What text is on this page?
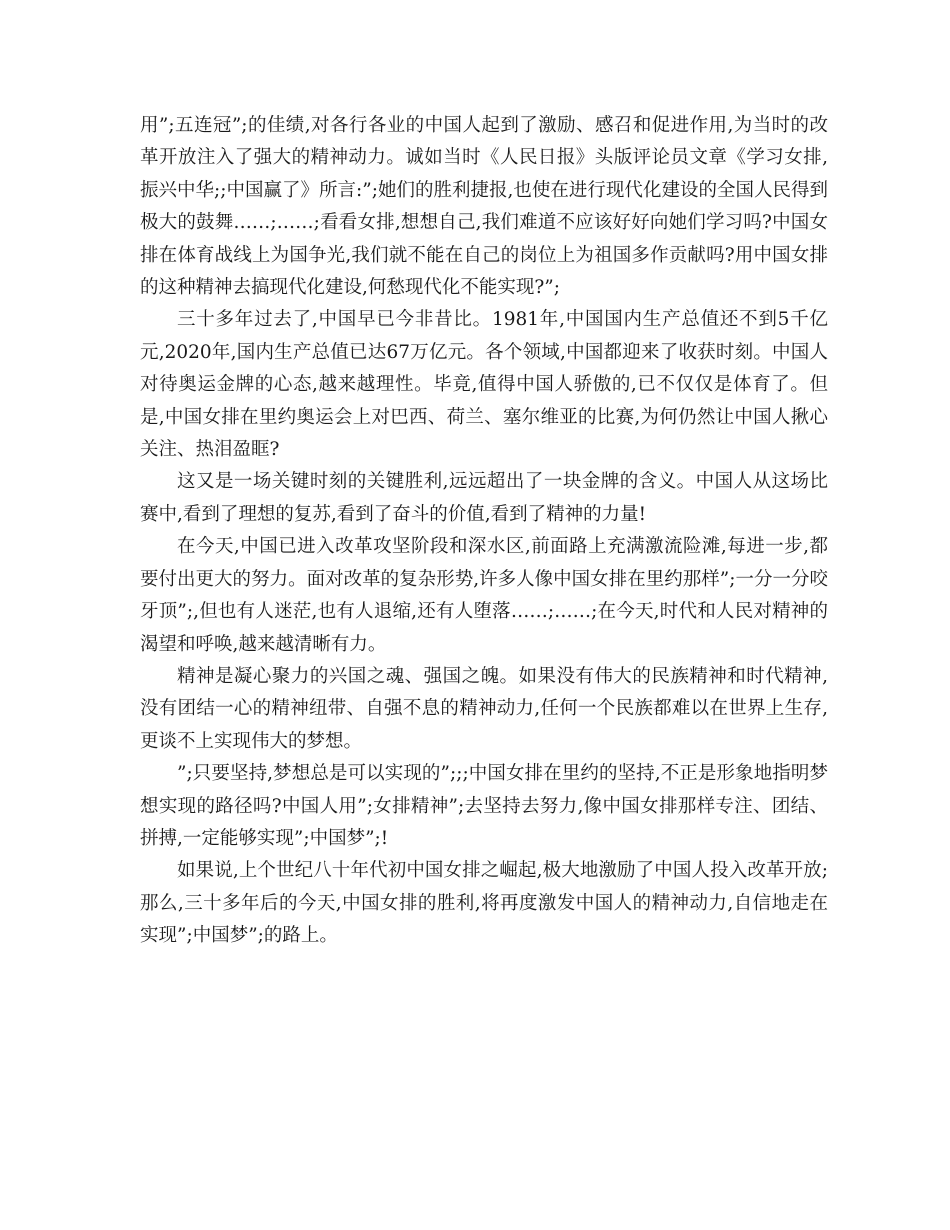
用”;五连冠”;的佳绩,对各行各业的中国人起到了激励、感召和促进作用,为当时的改革开放注入了强大的精神动力。诚如当时《人民日报》头版评论员文章《学习女排,振兴中华;;中国赢了》所言:”;她们的胜利捷报,也使在进行现代化建设的全国人民得到极大的鼓舞……;……;看看女排,想想自己,我们难道不应该好好向她们学习吗?中国女排在体育战线上为国争光,我们就不能在自己的岗位上为祖国多作贡献吗?用中国女排的这种精神去搞现代化建设,何愁现代化不能实现?”;

三十多年过去了,中国早已今非昔比。1981年,中国国内生产总值还不到5千亿元,2020年,国内生产总值已达67万亿元。各个领域,中国都迎来了收获时刻。中国人对待奥运金牌的心态,越来越理性。毕竟,值得中国人骄傲的,已不仅仅是体育了。但是,中国女排在里约奥运会上对巴西、荷兰、塞尔维亚的比赛,为何仍然让中国人揪心关注、热泪盈眶?

这又是一场关键时刻的关键胜利,远远超出了一块金牌的含义。中国人从这场比赛中,看到了理想的复苏,看到了奋斗的价值,看到了精神的力量!

在今天,中国已进入改革攻坚阶段和深水区,前面路上充满激流险滩,每进一步,都要付出更大的努力。面对改革的复杂形势,许多人像中国女排在里约那样”;一分一分咬牙顶”;,但也有人迷茫,也有人退缩,还有人堕落……;……;在今天,时代和人民对精神的渴望和呼唤,越来越清晰有力。

精神是凝心聚力的兴国之魂、强国之魄。如果没有伟大的民族精神和时代精神,没有团结一心的精神纽带、自强不息的精神动力,任何一个民族都难以在世界上生存,更谈不上实现伟大的梦想。

”;只要坚持,梦想总是可以实现的”;;;中国女排在里约的坚持,不正是形象地指明梦想实现的路径吗?中国人用”;女排精神”;去坚持去努力,像中国女排那样专注、团结、拼搏,一定能够实现”;中国梦”;!

如果说,上个世纪八十年代初中国女排之崛起,极大地激励了中国人投入改革开放;那么,三十多年后的今天,中国女排的胜利,将再度激发中国人的精神动力,自信地走在实现”;中国梦”;的路上。
